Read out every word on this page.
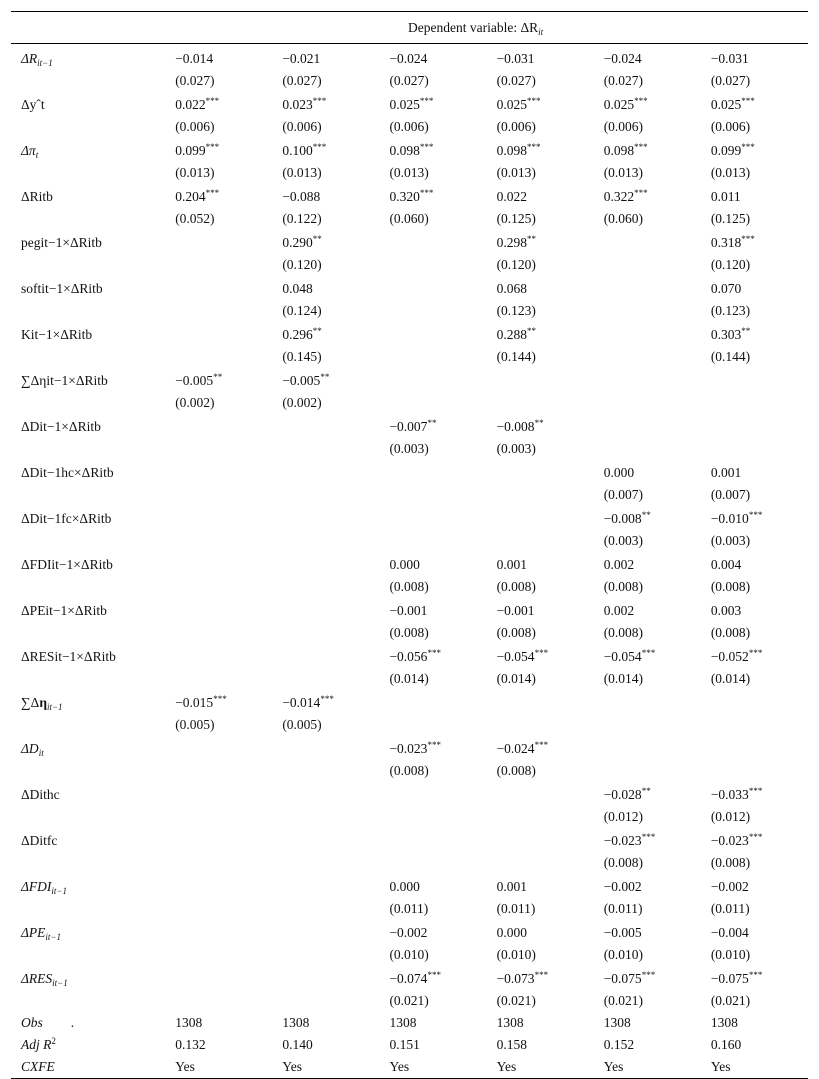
Dependent variable: $\Delta R_{it}$
$\Delta R_{it-1}$	−0.014	−0.021	−0.024	−0.031	−0.024	−0.031
	(0.027)	(0.027)	(0.027)	(0.027)	(0.027)	(0.027)
Δyˆt	0.022***	0.023***	0.025***	0.025***	0.025***	0.025***
	(0.006)	(0.006)	(0.006)	(0.006)	(0.006)	(0.006)
$\Delta\pi_t$	0.099***	0.100***	0.098***	0.098***	0.098***	0.099***
	(0.013)	(0.013)	(0.013)	(0.013)	(0.013)	(0.013)
ΔRitb	0.204***	−0.088	0.320***	0.022	0.322***	0.011
	(0.052)	(0.122)	(0.060)	(0.125)	(0.060)	(0.125)
pegit−1×ΔRitb		0.290**		0.298**		0.318***
		(0.120)		(0.120)		(0.120)
softit−1×ΔRitb		0.048		0.068		0.070
		(0.124)		(0.123)		(0.123)
Kit−1×ΔRitb		0.296**		0.288**		0.303**
		(0.145)		(0.144)		(0.144)
∑Δηit−1×ΔRitb	−0.005**	−0.005**				
	(0.002)	(0.002)				
ΔDit−1×ΔRitb			−0.007**	−0.008**		
			(0.003)	(0.003)		
ΔDit−1hc×ΔRitb					0.000	0.001
					(0.007)	(0.007)
ΔDit−1fc×ΔRitb					−0.008**	−0.010***
					(0.003)	(0.003)
ΔFDIit−1×ΔRitb			0.000	0.001	0.002	0.004
			(0.008)	(0.008)	(0.008)	(0.008)
ΔPEit−1×ΔRitb			−0.001	−0.001	0.002	0.003
			(0.008)	(0.008)	(0.008)	(0.008)
ΔRESit−1×ΔRitb			−0.056***	−0.054***	−0.054***	−0.052***
			(0.014)	(0.014)	(0.014)	(0.014)
$\sum\Delta\eta_{it-1}$	−0.015***	−0.014***				
	(0.005)	(0.005)				
$\Delta D_{it}$			−0.023***	−0.024***		
			(0.008)	(0.008)		
ΔDithc					−0.028**	−0.033***
					(0.012)	(0.012)
ΔDitfc					−0.023***	−0.023***
					(0.008)	(0.008)
$\Delta FDI_{it-1}$			0.000	0.001	−0.002	−0.002
			(0.011)	(0.011)	(0.011)	(0.011)
$\Delta PE_{it-1}$			−0.002	0.000	−0.005	−0.004
			(0.010)	(0.010)	(0.010)	(0.010)
$\Delta RES_{it-1}$			−0.074***	−0.073***	−0.075***	−0.075***
			(0.021)	(0.021)	(0.021)	(0.021)
Obs .	1308	1308	1308	1308	1308	1308
Adj $R^2$	0.132	0.140	0.151	0.158	0.152	0.160
CXFE	Yes	Yes	Yes	Yes	Yes	Yes
